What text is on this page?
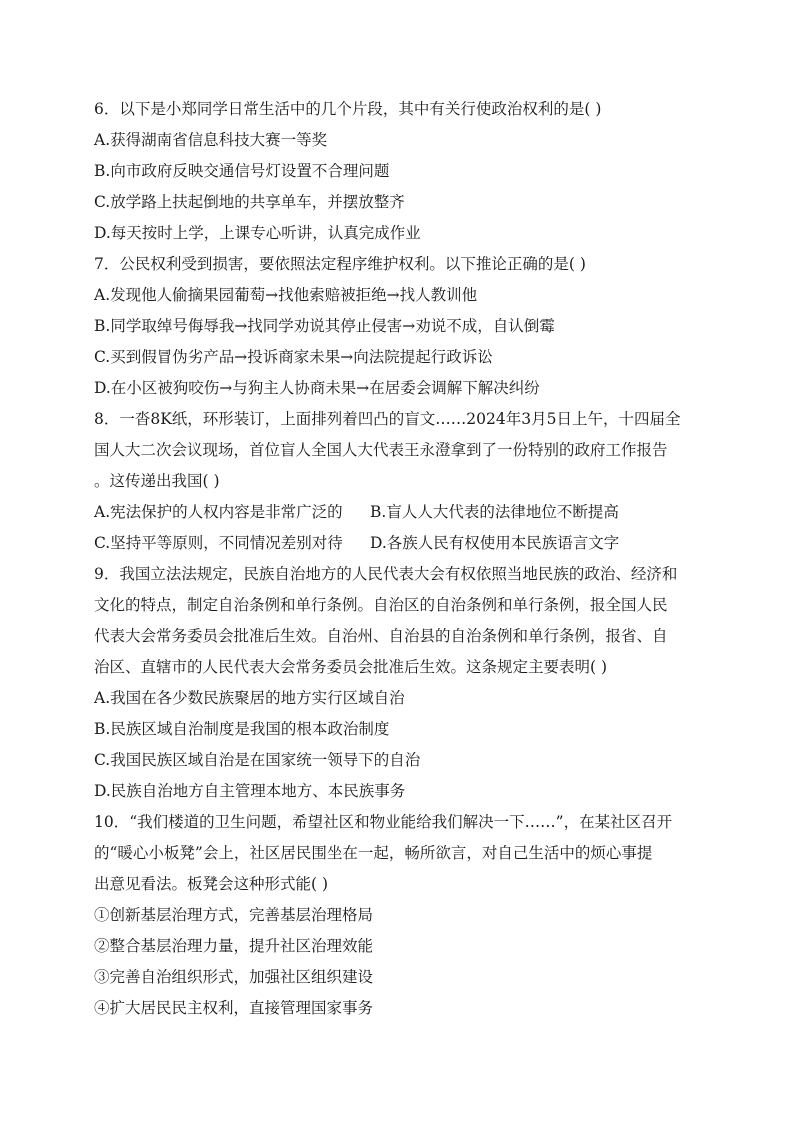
6．以下是小郑同学日常生活中的几个片段，其中有关行使政治权利的是( )
A.获得湖南省信息科技大赛一等奖
B.向市政府反映交通信号灯设置不合理问题
C.放学路上扶起倒地的共享单车，并摆放整齐
D.每天按时上学，上课专心听讲，认真完成作业
7．公民权利受到损害，要依照法定程序维护权利。以下推论正确的是( )
A.发现他人偷摘果园葡萄→找他索赔被拒绝→找人教训他
B.同学取绰号侮辱我→找同学劝说其停止侵害→劝说不成，自认倒霉
C.买到假冒伪劣产品→投诉商家未果→向法院提起行政诉讼
D.在小区被狗咬伤→与狗主人协商未果→在居委会调解下解决纠纷
8．一沓8K纸，环形装订，上面排列着凹凸的盲文……2024年3月5日上午，十四届全
国人大二次会议现场，首位盲人全国人大代表王永澄拿到了一份特别的政府工作报告
。这传递出我国( )
A.宪法保护的人权内容是非常广泛的	B.盲人人大代表的法律地位不断提高
C.坚持平等原则，不同情况差别对待	D.各族人民有权使用本民族语言文字
9．我国立法法规定，民族自治地方的人民代表大会有权依照当地民族的政治、经济和
文化的特点，制定自治条例和单行条例。自治区的自治条例和单行条例，报全国人民
代表大会常务委员会批准后生效。自治州、自治县的自治条例和单行条例，报省、自
治区、直辖市的人民代表大会常务委员会批准后生效。这条规定主要表明( )
A.我国在各少数民族聚居的地方实行区域自治
B.民族区域自治制度是我国的根本政治制度
C.我国民族区域自治是在国家统一领导下的自治
D.民族自治地方自主管理本地方、本民族事务
10．“我们楼道的卫生问题，希望社区和物业能给我们解决一下……”，在某社区召开
的“暖心小板凳”会上，社区居民围坐在一起，畅所欲言，对自己生活中的烦心事提
出意见看法。板凳会这种形式能( )
①创新基层治理方式，完善基层治理格局
②整合基层治理力量，提升社区治理效能
③完善自治组织形式，加强社区组织建设
④扩大居民民主权利，直接管理国家事务
